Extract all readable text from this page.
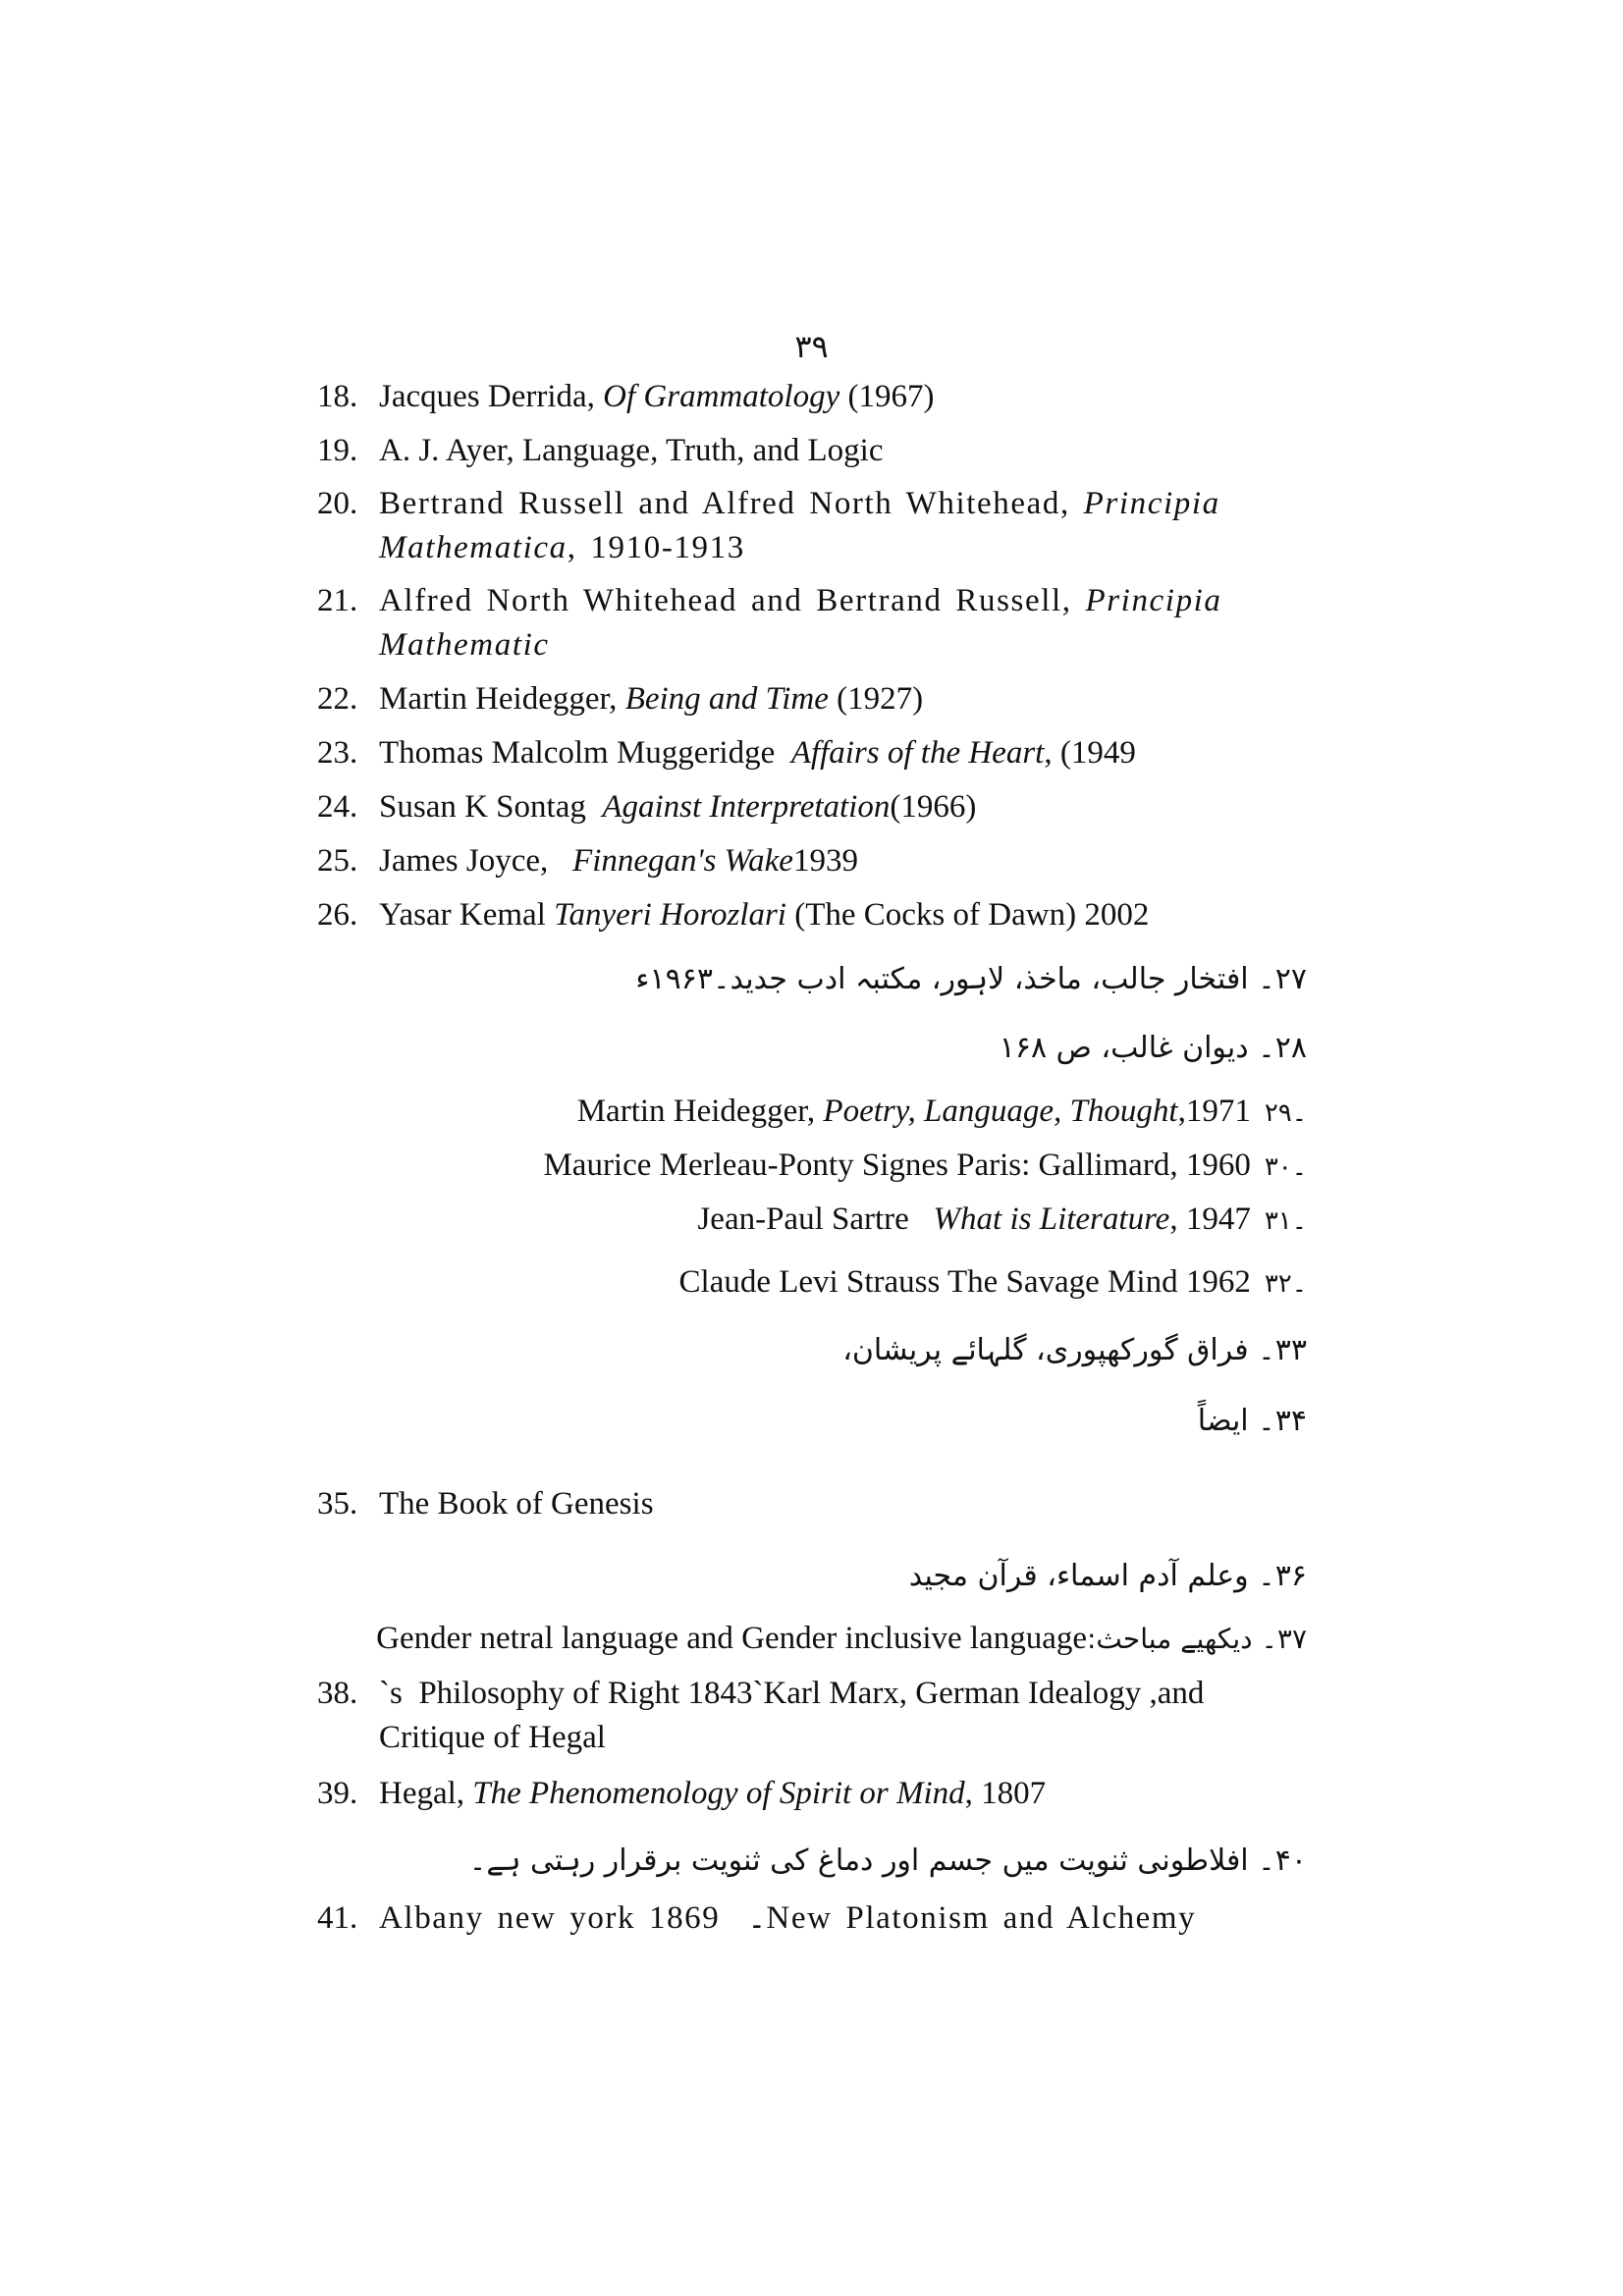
۳۹
18. Jacques Derrida, Of Grammatology (1967)
19. A. J. Ayer, Language, Truth, and Logic
20. Bertrand Russell and Alfred North Whitehead, Principia Mathematica, 1910-1913
21. Alfred North Whitehead and Bertrand Russell, Principia Mathematic
22. Martin Heidegger, Being and Time (1927)
23. Thomas Malcolm Muggeridge  Affairs of the Heart, (1949
24. Susan K Sontag  Against Interpretation(1966)
25. James Joyce,   Finnegan's Wake1939
26. Yasar Kemal Tanyeri Horozlari (The Cocks of Dawn) 2002
۲۷۔ افتخار جالب، ماخذ، لاہور، مکتبہ ادب جدید۔۱۹۶۳ء
۲۸۔ دیوان غالب، ص ۱۶۸
Martin Heidegger, Poetry, Language, Thought,1971 ۲۹۔
Maurice Merleau-Ponty Signes Paris: Gallimard, 1960 ۳۰۔
Jean-Paul Sartre   What is Literature, 1947 ۳۱۔
Claude Levi Strauss The Savage Mind 1962 ۳۲۔
۳۳۔ فراق گورکھپوری، گلہائے پریشان،
۳۴۔ ایضاً
35. The Book of Genesis
۳۶۔ وعلم آدم اسماء، قرآن مجید
Gender netral language and Gender inclusive language۳۷۔ دیکھیے مباحث:
38. `s  Philosophy of Right 1843`Karl Marx, German Idealogy ,and
Critique of Hegal
39. Hegal, The Phenomenology of Spirit or Mind, 1807
۴۰۔ افلاطونی ثنویت میں جسم اور دماغ کی ثنویت برقرار رہتی ہے۔
41. Albany new york 1869  ۔New Platonism and Alchemy
